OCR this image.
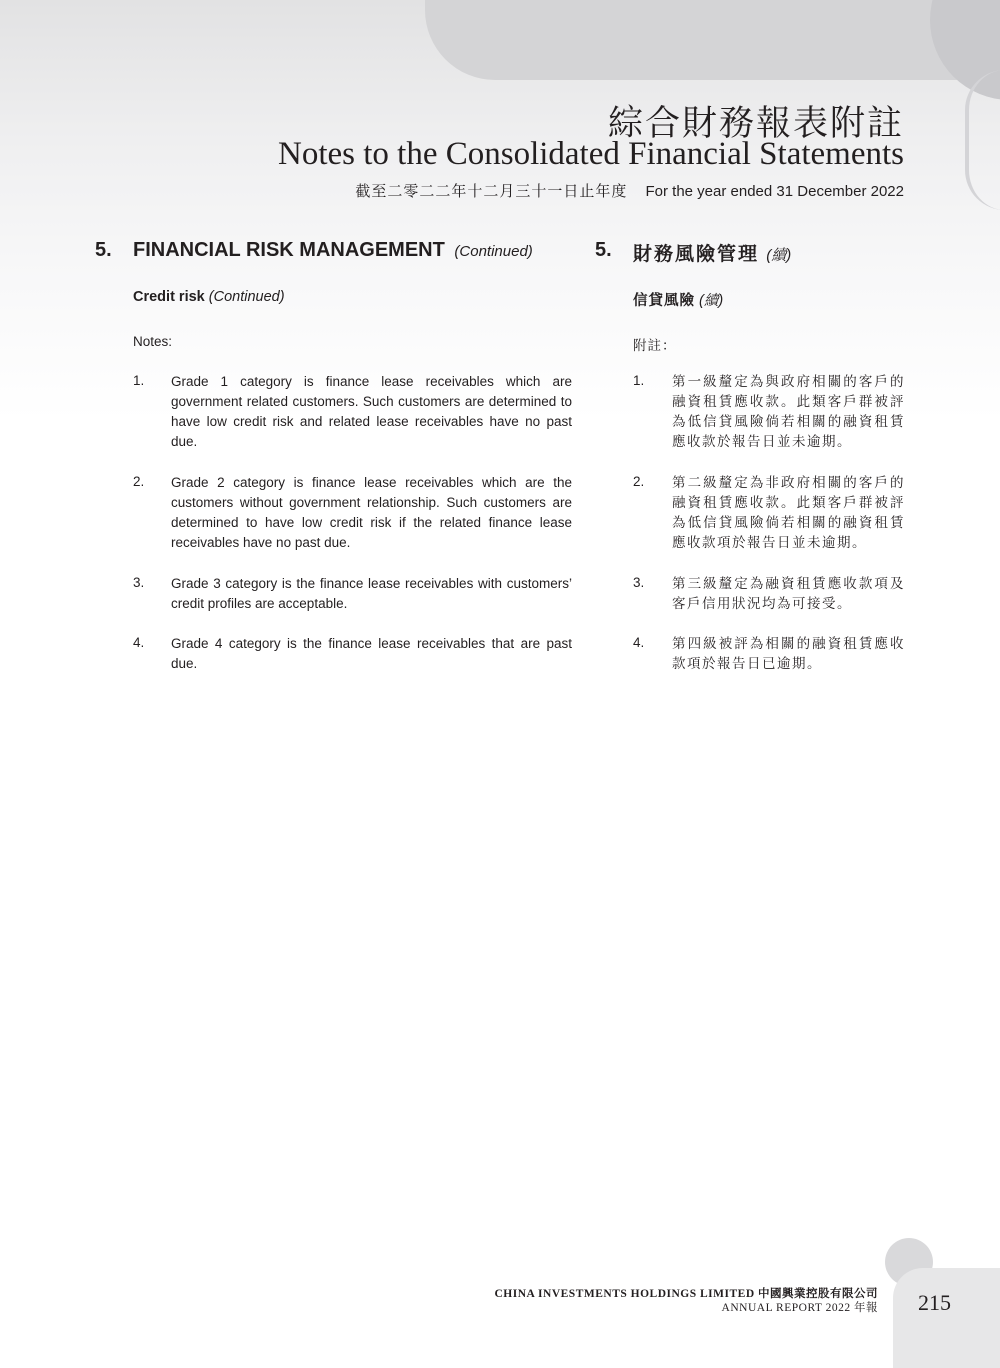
綜合財務報表附註
Notes to the Consolidated Financial Statements
截至二零二二年十二月三十一日止年度 For the year ended 31 December 2022
5. FINANCIAL RISK MANAGEMENT (Continued)	5. 財務風險管理 (續)
Credit risk (Continued)	信貸風險 (續)
Notes:	附註：
1. Grade 1 category is finance lease receivables which are government related customers. Such customers are determined to have low credit risk and related lease receivables have no past due.
1. 第一級釐定為與政府相關的客戶的融資租賃應收款。此類客戶群被評為低信貸風險倘若相關的融資租賃應收款於報告日並未逾期。
2. Grade 2 category is finance lease receivables which are the customers without government relationship. Such customers are determined to have low credit risk if the related finance lease receivables have no past due.
2. 第二級釐定為非政府相關的客戶的融資租賃應收款。此類客戶群被評為低信貸風險倘若相關的融資租賃應收款項於報告日並未逾期。
3. Grade 3 category is the finance lease receivables with customers’ credit profiles are acceptable.
3. 第三級釐定為融資租賃應收款項及客戶信用狀況均為可接受。
4. Grade 4 category is the finance lease receivables that are past due.
4. 第四級被評為相關的融資租賃應收款項於報告日已逾期。
CHINA INVESTMENTS HOLDINGS LIMITED 中國興業控股有限公司
ANNUAL REPORT 2022 年報 215
